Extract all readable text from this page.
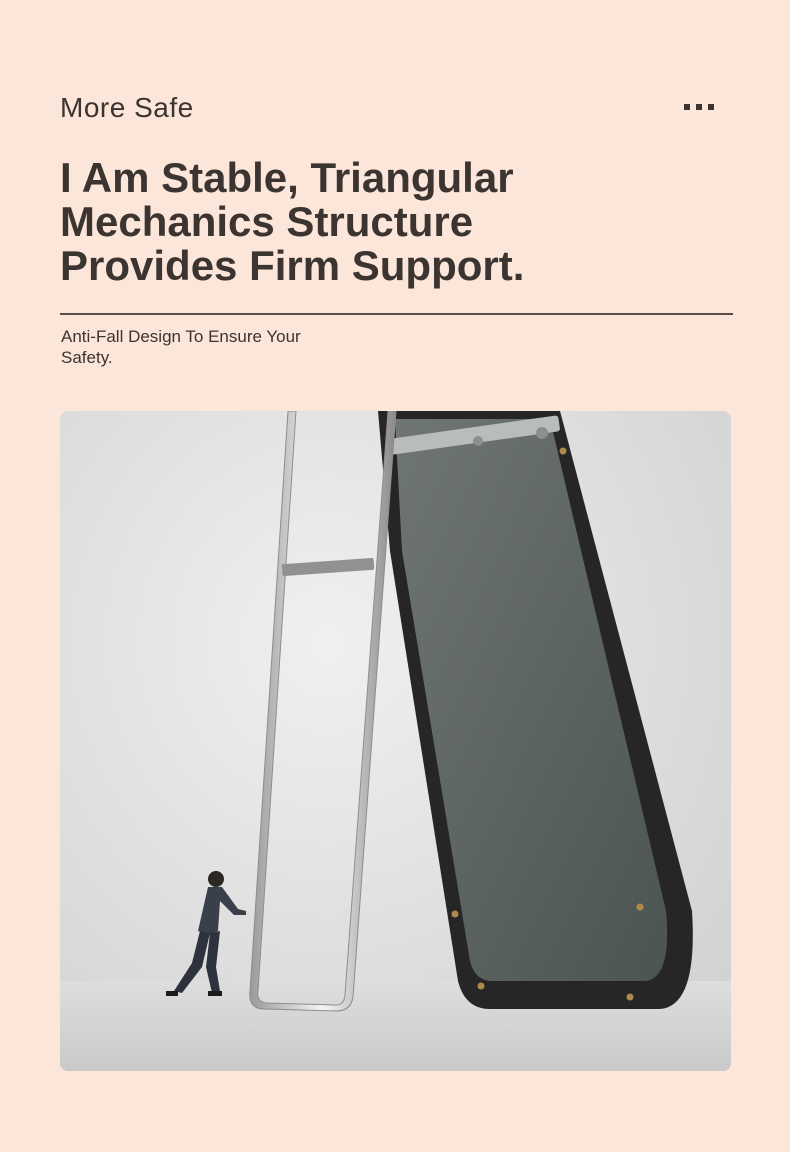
More Safe
I Am Stable, Triangular
Mechanics Structure
Provides Firm Support.
Anti-Fall Design To Ensure Your
Safety.
